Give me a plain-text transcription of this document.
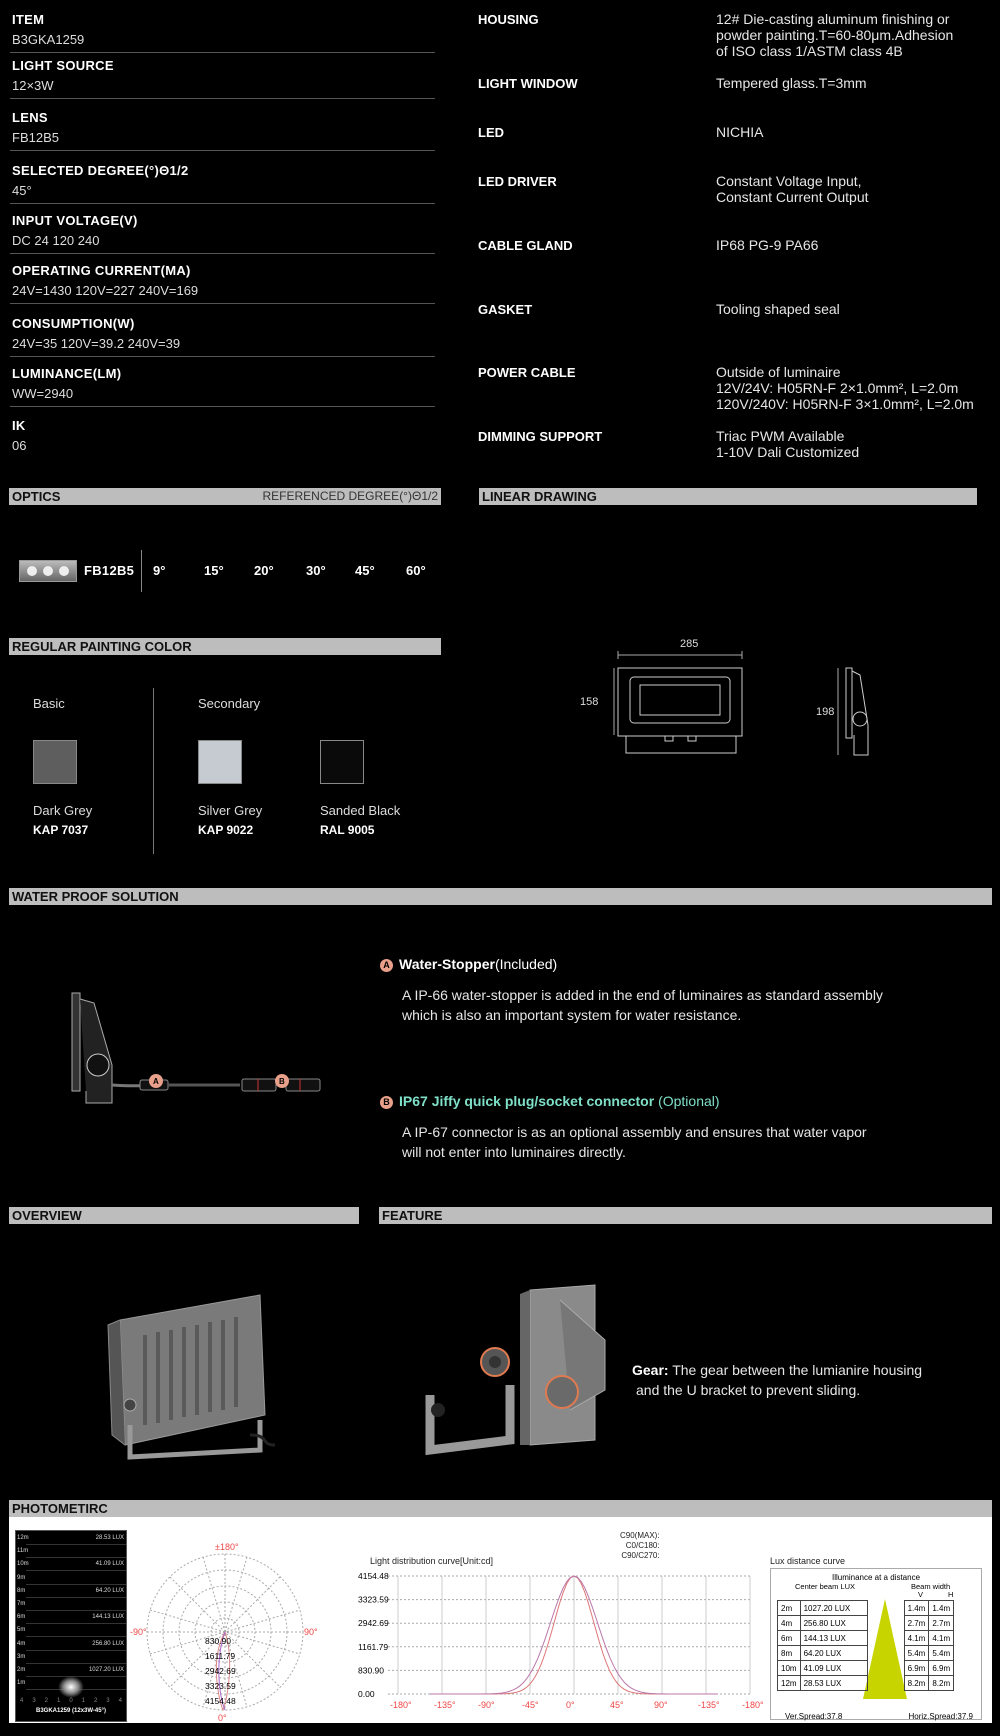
ITEM
B3GKA1259
LIGHT SOURCE
12×3W
LENS
FB12B5
SELECTED DEGREE(°)Θ1/2
45°
INPUT VOLTAGE(V)
DC 24 120 240
OPERATING CURRENT(MA)
24V=1430 120V=227 240V=169
CONSUMPTION(W)
24V=35 120V=39.2 240V=39
LUMINANCE(LM)
WW=2940
IK
06
HOUSING	12# Die-casting aluminum finishing or
powder painting.T=60-80μm.Adhesion
of ISO class 1/ASTM class 4B
LIGHT WINDOW	Tempered glass.T=3mm
LED	NICHIA
LED DRIVER	Constant Voltage Input,
Constant Current Output
CABLE GLAND	IP68 PG-9 PA66
GASKET	Tooling shaped seal
POWER CABLE	Outside of luminaire
12V/24V: H05RN-F 2×1.0mm², L=2.0m
120V/240V: H05RN-F 3×1.0mm², L=2.0m
DIMMING SUPPORT	Triac PWM Available
1-10V Dali Customized
OPTICS	REFERENCED DEGREE(°)Θ1/2	LINEAR DRAWING
FB12B5 9°	15° 20° 30° 45° 60°
285
158
198
REGULAR PAINTING COLOR
Basic	Secondary
Dark Grey
KAP 7037
Silver Grey
KAP 9022
Sanded Black
RAL 9005
WATER PROOF SOLUTION
A	B
A Water-Stopper(Included)
A IP-66 water-stopper is added in the end of luminaires as standard assembly
which is also an important system for water resistance.
B IP67 Jiffy quick plug/socket connector (Optional)
A IP-67 connector is as an optional assembly and ensures that water vapor
will not enter into luminaires directly.
OVERVIEW	FEATURE
Gear: The gear between the lumianire housing
and the U bracket to prevent sliding.
PHOTOMETIRC
12m	28.53 LUX
11m
10m	41.09 LUX
9m
8m	64.20 LUX
7m
6m	144.13 LUX
5m
4m	256.80 LUX
3m
2m	1027.20 LUX
1m
4 3 2 1 0 1 2 3 4
B3GKA1259 (12x3W-45°)
±180°
-90°	90°
0°
830.90
1611.79
2942.69
3323.59
4154.48
Light distribution curve[Unit:cd]
C90(MAX):
C0/C180:
C90/C270:
4154.48
3323.59
2942.69
1161.79
830.90
0.00
-180° -135° -90°	-45°	0°	45°	90°	-135° -180°
Lux distance curve
Illuminance at a distance
Center beam LUX	Beam width
V	H
2m	1027.20 LUX		1.4m	1.4m
4m	256.80 LUX		2.7m	2.7m
6m	144.13 LUX		4.1m	4.1m
8m	64.20 LUX		5.4m	5.4m
10m	41.09 LUX		6.9m	6.9m
12m	28.53 LUX		8.2m	8.2m
Ver.Spread:37.8	Horiz.Spread:37.9
